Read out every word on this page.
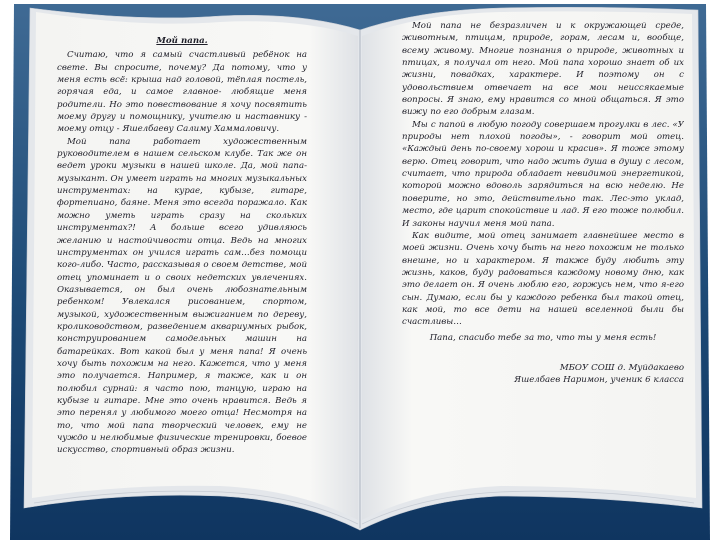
Мой папа.

Считаю, что я самый счастливый ребёнок на свете. Вы спросите, почему? Да потому, что у меня есть всё: крыша над головой, тёплая постель, горячая еда, и самое главное- любящие меня родители. Но это повествование я хочу посвятить моему другу и помощнику, учителю и наставнику - моему отцу - Яшелбаеву Салиму Хаммаловичу.

Мой папа работает художественным руководителем в нашем сельском клубе. Так же он ведет уроки музыки в нашей школе. Да, мой папа-музыкант. Он умеет играть на многих музыкальных инструментах: на курае, кубызе, гитаре, фортепиано, баяне. Меня это всегда поражало. Как можно уметь играть сразу на скольких инструментах?! А больше всего удивляюсь желанию и настойчивости отца. Ведь на многих инструментах он учился играть сам…без помощи кого-либо. Часто, рассказывая о своем детстве, мой отец упоминает и о своих недетских увлечениях. Оказывается, он был очень любознательным ребенком! Увлекался рисованием, спортом, музыкой, художественным выжиганием по дереву, кролиководством, разведением аквариумных рыбок, конструированием самодельных машин на батарейках. Вот какой был у меня папа! Я очень хочу быть похожим на него. Кажется, что у меня это получается. Например, я также, как и он полюбил сурнай: я часто пою, танцую, играю на кубызе и гитаре. Мне это очень нравится. Ведь я это перенял у любимого моего отца! Несмотря на то, что мой папа творческий человек, ему не чуждо и нелюбимые физические тренировки, боевое искусство, спортивный образ жизни.

Мой папа не безразличен и к окружающей среде, животным, птицам, природе, горам, лесам и, вообще, всему живому. Многие познания о природе, животных и птицах, я получал от него. Мой папа хорошо знает об их жизни, повадках, характере. И поэтому он с удовольствием отвечает на все мои неиссякаемые вопросы. Я знаю, ему нравится со мной общаться. Я это вижу по его добрым глазам.

Мы с папой в любую погоду совершаем прогулки в лес. «У природы нет плохой погоды», - говорит мой отец. «Каждый день по-своему хорош и красив». Я тоже этому верю. Отец говорит, что надо жить душа в душу с лесом, считает, что природа обладает невидимой энергетикой, которой можно вдоволь зарядиться на всю неделю. Не поверите, но это, действительно так. Лес-это уклад, место, где царит спокойствие и лад. Я его тоже полюбил. И законы научил меня мой папа.

Как видите, мой отец занимает главнейшее место в моей жизни. Очень хочу быть на него похожим не только внешне, но и характером. Я также буду любить эту жизнь, каков, буду радоваться каждому новому дню, как это делает он. Я очень люблю его, горжусь нем, что я-его сын. Думаю, если бы у каждого ребенка был такой отец, как мой, то все дети на нашей вселенной были бы счастливы…

Папа, спасибо тебе за то, что ты у меня есть!

МБОУ СОШ д. Муйдакаево

Яшелбаев Наримон, ученик 6 класса
